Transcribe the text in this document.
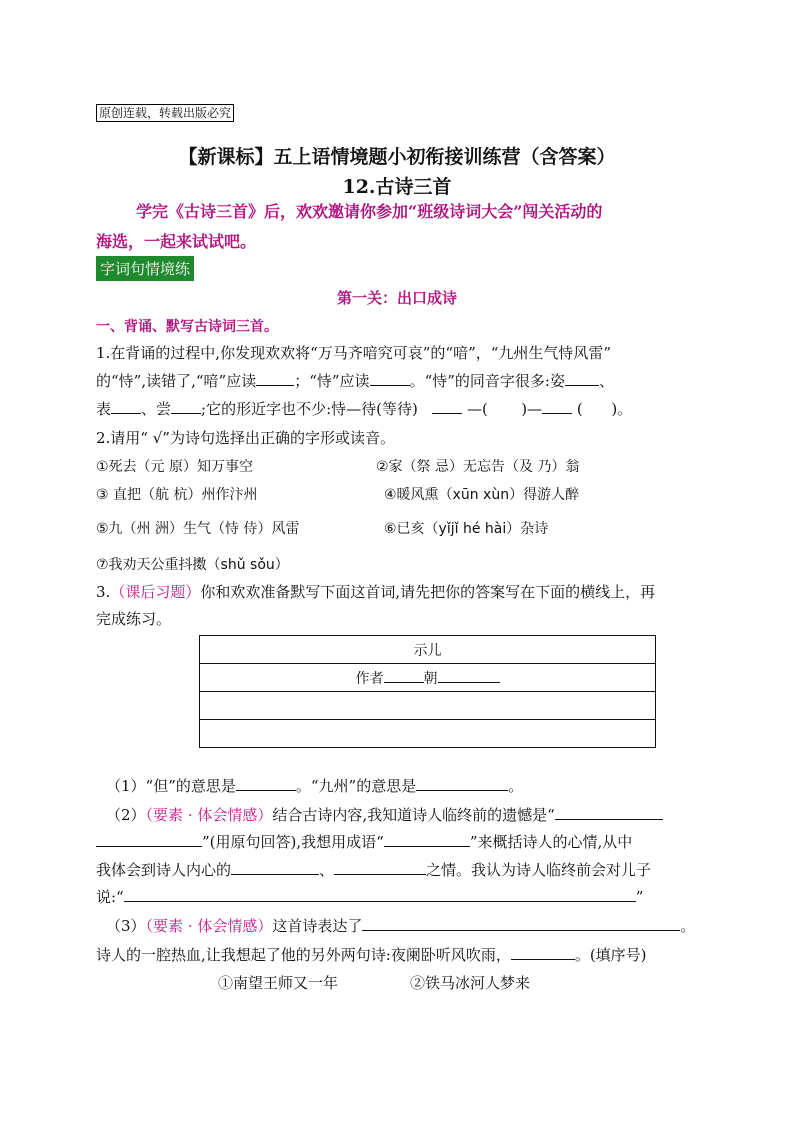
原创连载，转载出版必究
【新课标】五上语情境题小初衔接训练营（含答案）
12.古诗三首
学完《古诗三首》后，欢欢邀请你参加“班级诗词大会”闯关活动的
海选，一起来试试吧。
字词句情境练
第一关：出口成诗
一、背诵、默写古诗词三首。
1.在背诵的过程中,你发现欢欢将“万马齐喑究可哀”的“喑”，“九州生气恃风雷”
的“恃”,读错了,“喑”应读	；“恃”应读	。“恃”的同音字很多:姿 、
表 、尝 ;它的形近字也不少:恃—待(等待)	—( )— ( )。
2.请用“ √”为诗句选择出正确的字形或读音。
①死去（元 原）知万事空	②家（祭 忌）无忘告（及 乃）翁
③ 直把（航 杭）州作汴州	④暖风熏（xūn xùn）得游人醉
⑤九（州 洲）生气（恃 侍）风雷	⑥已亥（yǐjǐ hé hài）杂诗
⑦我劝天公重抖擞（shǔ sǒu）
3.（课后习题）你和欢欢准备默写下面这首词,请先把你的答案写在下面的横线上，再
完成练习。
示儿
作者	朝

（1）“但”的意思是	。“九州”的意思是	。
（2）（要素 · 体会情感）结合古诗内容,我知道诗人临终前的遗憾是“
”(用原句回答),我想用成语“	”来概括诗人的心情,从中
我体会到诗人内心的	、	之情。我认为诗人临终前会对儿子
说:“	”
（3）（要素 · 体会情感）这首诗表达了	。
诗人的一腔热血,让我想起了他的另外两句诗:夜阑卧听风吹雨，	。(填序号)
①南望王师又一年	②铁马冰河人梦来
